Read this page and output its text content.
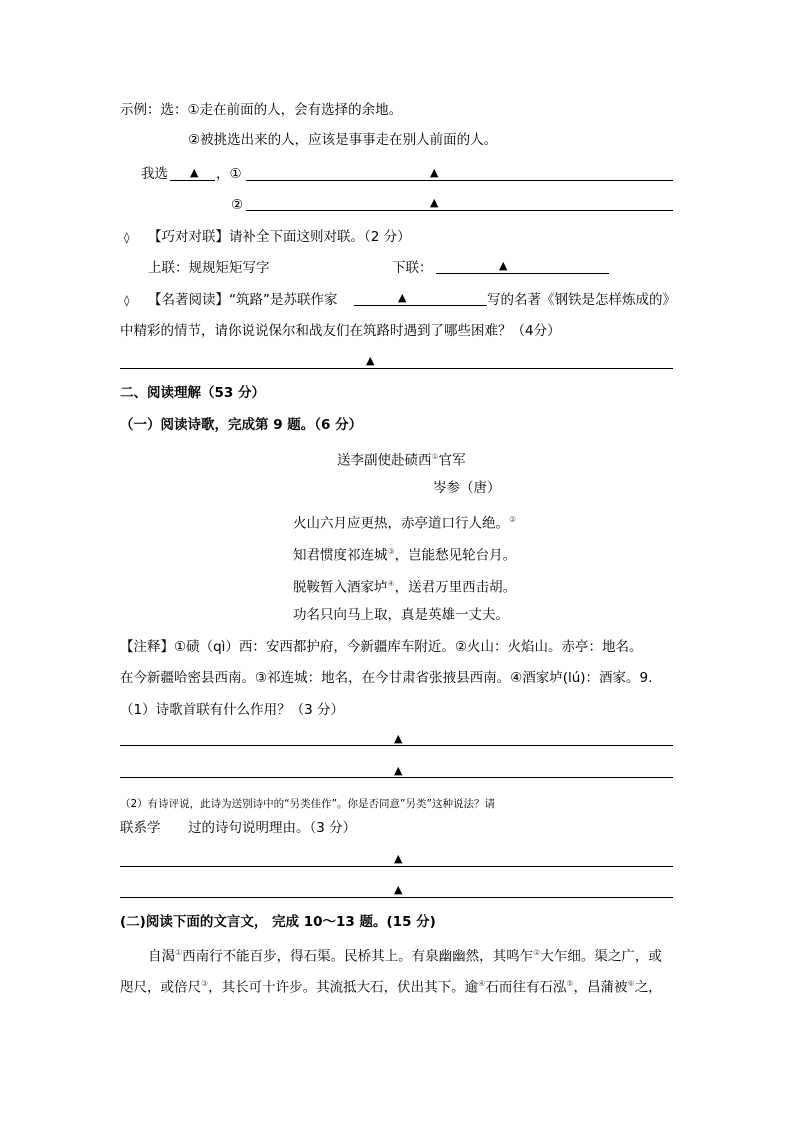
示例：选：①走在前面的人，会有选择的余地。
②被挑选出来的人，应该是事事走在别人前面的人。
我选 ▲ ，①	▲
②	▲
◊ 【巧对对联】请补全下面这则对联。（2 分）
上联：规规矩矩写字	下联：	▲
◊ 【名著阅读】“筑路”是苏联作家	▲	写的名著《钢铁是怎样炼成的》
中精彩的情节，请你说说保尔和战友们在筑路时遇到了哪些困难？（4分）
▲
二、阅读理解（53 分）
（一）阅读诗歌，完成第 9 题。（6 分）
送李副使赴碛西①官军
岑参（唐）
火山六月应更热，赤亭道口行人绝。②
知君惯度祁连城③，岂能愁见轮台月。
脱鞍暂入酒家垆④，送君万里西击胡。
功名只向马上取，真是英雄一丈夫。
【注释】①碛（qì）西：安西都护府，今新疆库车附近。②火山：火焰山。赤亭：地名。
在今新疆哈密县西南。③祁连城：地名，在今甘肃省张掖县西南。④酒家垆(lú)：酒家。9.
（1）诗歌首联有什么作用？（3 分）
▲
▲
（2）有诗评说，此诗为送别诗中的“另类佳作”。你是否同意”另类”这种说法？请
联系学 过的诗句说明理由。（3 分）
▲
▲
(二)阅读下面的文言文， 完成 10～13 题。(15 分)
自渴①西南行不能百步，得石渠。民桥其上。有泉幽幽然，其鸣乍②大乍细。渠之广，或
咫尺，或倍尺③，其长可十许步。其流抵大石，伏出其下。逾④石而往有石泓⑤，昌蒲被⑥之，
